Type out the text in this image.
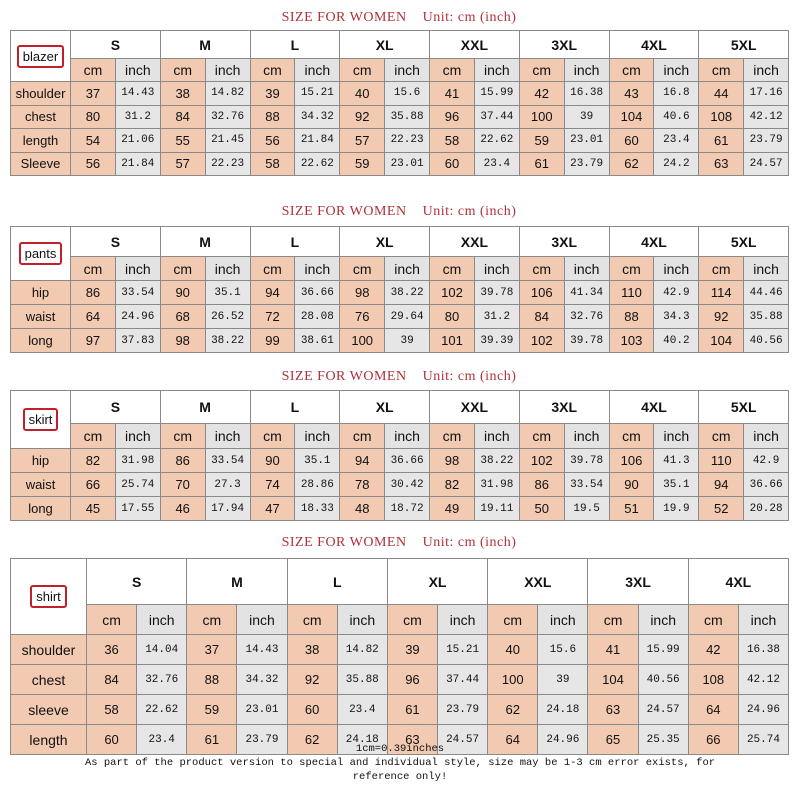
SIZE FOR WOMEN    Unit: cm (inch)
blazer	S		M		L		XL		XXL		3XL		4XL		5XL	
	cm	inch	cm	inch	cm	inch	cm	inch	cm	inch	cm	inch	cm	inch	cm	inch
shoulder	37	14.43	38	14.82	39	15.21	40	15.6	41	15.99	42	16.38	43	16.8	44	17.16
chest	80	31.2	84	32.76	88	34.32	92	35.88	96	37.44	100	39	104	40.6	108	42.12
length	54	21.06	55	21.45	56	21.84	57	22.23	58	22.62	59	23.01	60	23.4	61	23.79
Sleeve	56	21.84	57	22.23	58	22.62	59	23.01	60	23.4	61	23.79	62	24.2	63	24.57
SIZE FOR WOMEN    Unit: cm (inch)
pants	S		M		L		XL		XXL		3XL		4XL		5XL	
	cm	inch	cm	inch	cm	inch	cm	inch	cm	inch	cm	inch	cm	inch	cm	inch
hip	86	33.54	90	35.1	94	36.66	98	38.22	102	39.78	106	41.34	110	42.9	114	44.46
waist	64	24.96	68	26.52	72	28.08	76	29.64	80	31.2	84	32.76	88	34.3	92	35.88
long	97	37.83	98	38.22	99	38.61	100	39	101	39.39	102	39.78	103	40.2	104	40.56
SIZE FOR WOMEN    Unit: cm (inch)
skirt	S		M		L		XL		XXL		3XL		4XL		5XL	
	cm	inch	cm	inch	cm	inch	cm	inch	cm	inch	cm	inch	cm	inch	cm	inch
hip	82	31.98	86	33.54	90	35.1	94	36.66	98	38.22	102	39.78	106	41.3	110	42.9
waist	66	25.74	70	27.3	74	28.86	78	30.42	82	31.98	86	33.54	90	35.1	94	36.66
long	45	17.55	46	17.94	47	18.33	48	18.72	49	19.11	50	19.5	51	19.9	52	20.28
SIZE FOR WOMEN    Unit: cm (inch)
shirt	S		M		L		XL		XXL		3XL		4XL	
	cm	inch	cm	inch	cm	inch	cm	inch	cm	inch	cm	inch	cm	inch
shoulder	36	14.04	37	14.43	38	14.82	39	15.21	40	15.6	41	15.99	42	16.38
chest	84	32.76	88	34.32	92	35.88	96	37.44	100	39	104	40.56	108	42.12
sleeve	58	22.62	59	23.01	60	23.4	61	23.79	62	24.18	63	24.57	64	24.96
length	60	23.4	61	23.79	62	24.18	63	24.57	64	24.96	65	25.35	66	25.74
1cm=0.39inches
As part of the product version to special and individual style, size may be 1-3 cm error exists, for
reference only!
